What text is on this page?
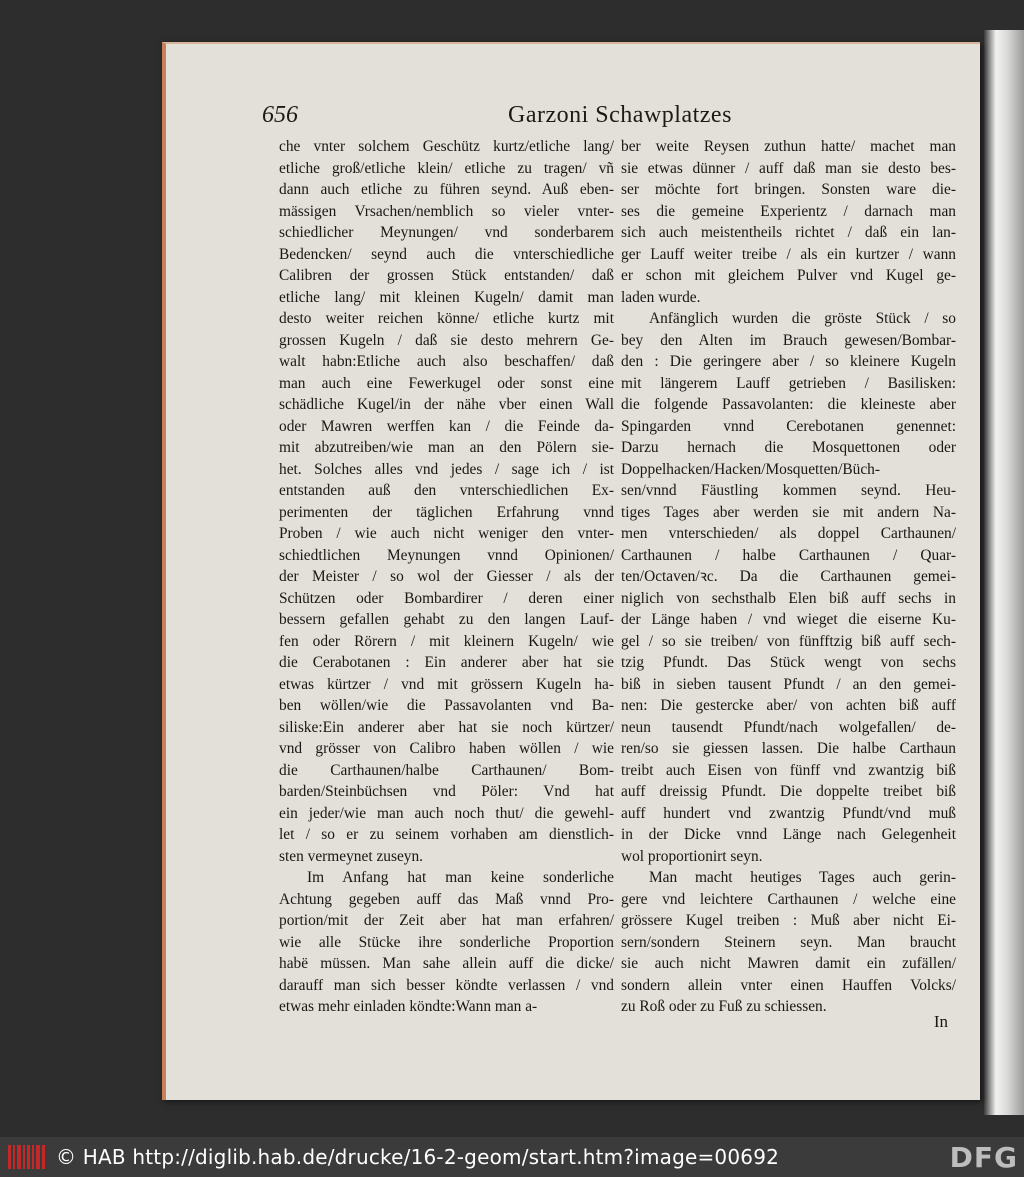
656	Garzoni Schawplatzes
che vnter solchem Geschütz kurtz/etliche lang/
etliche groß/etliche klein/ etliche zu tragen/ vñ
dann auch etliche zu führen seynd. Auß eben-
mässigen Vrsachen/nemblich so vieler vnter-
schiedlicher Meynungen/ vnd sonderbarem
Bedencken/ seynd auch die vnterschiedliche
Calibren der grossen Stück entstanden/ daß
etliche lang/ mit kleinen Kugeln/ damit man
desto weiter reichen könne/ etliche kurtz mit
grossen Kugeln / daß sie desto mehrern Ge-
walt habn:Etliche auch also beschaffen/ daß
man auch eine Fewerkugel oder sonst eine
schädliche Kugel/in der nähe vber einen Wall
oder Mawren werffen kan / die Feinde da-
mit abzutreiben/wie man an den Pölern sie-
het. Solches alles vnd jedes / sage ich / ist
entstanden auß den vnterschiedlichen Ex-
perimenten der täglichen Erfahrung vnnd
Proben / wie auch nicht weniger den vnter-
schiedtlichen Meynungen vnnd Opinionen/
der Meister / so wol der Giesser / als der
Schützen oder Bombardirer / deren einer
bessern gefallen gehabt zu den langen Lauf-
fen oder Rörern / mit kleinern Kugeln/ wie
die Cerabotanen : Ein anderer aber hat sie
etwas kürtzer / vnd mit grössern Kugeln ha-
ben wöllen/wie die Passavolanten vnd Ba-
siliske:Ein anderer aber hat sie noch kürtzer/
vnd grösser von Calibro haben wöllen / wie
die Carthaunen/halbe Carthaunen/ Bom-
barden/Steinbüchsen vnd Pöler: Vnd hat
ein jeder/wie man auch noch thut/ die gewehl-
let / so er zu seinem vorhaben am dienstlich-
sten vermeynet zuseyn.
Im Anfang hat man keine sonderliche
Achtung gegeben auff das Maß vnnd Pro-
portion/mit der Zeit aber hat man erfahren/
wie alle Stücke ihre sonderliche Proportion
habë müssen. Man sahe allein auff die dicke/
darauff man sich besser köndte verlassen / vnd
etwas mehr einladen köndte:Wann man a-
ber weite Reysen zuthun hatte/ machet man
sie etwas dünner / auff daß man sie desto bes-
ser möchte fort bringen. Sonsten ware die-
ses die gemeine Experientz / darnach man
sich auch meistentheils richtet / daß ein lan-
ger Lauff weiter treibe / als ein kurtzer / wann
er schon mit gleichem Pulver vnd Kugel ge-
laden wurde.
Anfänglich wurden die gröste Stück / so
bey den Alten im Brauch gewesen/Bombar-
den : Die geringere aber / so kleinere Kugeln
mit längerem Lauff getrieben / Basilisken:
die folgende Passavolanten: die kleineste aber
Spingarden vnnd Cerebotanen genennet:
Darzu hernach die Mosquettonen oder
Doppelhacken/Hacken/Mosquetten/Büch-
sen/vnnd Fäustling kommen seynd. Heu-
tiges Tages aber werden sie mit andern Na-
men vnterschieden/ als doppel Carthaunen/
Carthaunen / halbe Carthaunen / Quar-
ten/Octaven/ꝛc. Da die Carthaunen gemei-
niglich von sechsthalb Elen biß auff sechs in
der Länge haben / vnd wieget die eiserne Ku-
gel / so sie treiben/ von fünfftzig biß auff sech-
tzig Pfundt. Das Stück wengt von sechs
biß in sieben tausent Pfundt / an den gemei-
nen: Die gestercke aber/ von achten biß auff
neun tausendt Pfundt/nach wolgefallen/ de-
ren/so sie giessen lassen. Die halbe Carthaun
treibt auch Eisen von fünff vnd zwantzig biß
auff dreissig Pfundt. Die doppelte treibet biß
auff hundert vnd zwantzig Pfundt/vnd muß
in der Dicke vnnd Länge nach Gelegenheit
wol proportionirt seyn.
Man macht heutiges Tages auch gerin-
gere vnd leichtere Carthaunen / welche eine
grössere Kugel treiben : Muß aber nicht Ei-
sern/sondern Steinern seyn. Man braucht
sie auch nicht Mawren damit ein zufällen/
sondern allein vnter einen Hauffen Volcks/
zu Roß oder zu Fuß zu schiessen.
In
© HAB http://diglib.hab.de/drucke/16-2-geom/start.htm?image=00692	DFG
